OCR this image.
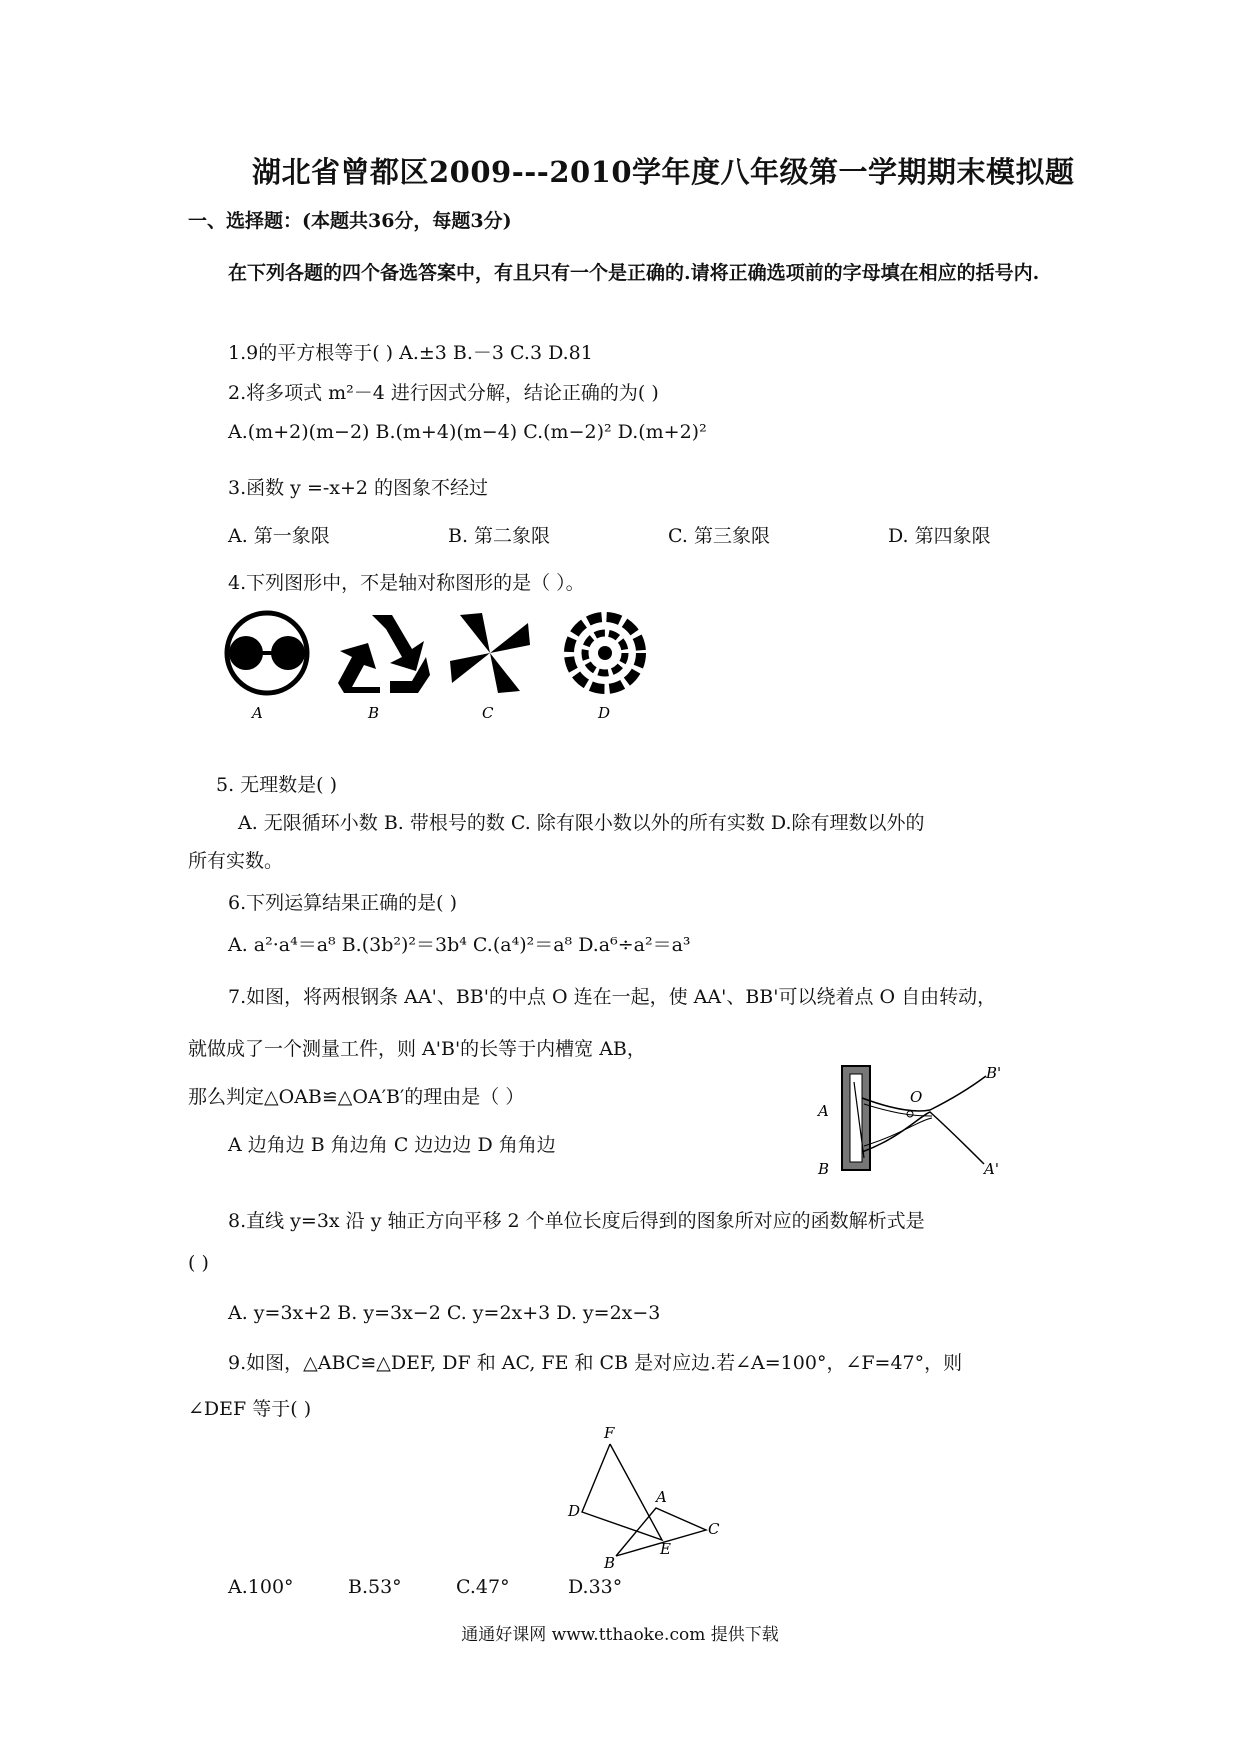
湖北省曾都区2009---2010学年度八年级第一学期期末模拟题
一、选择题：(本题共36分，每题3分)
在下列各题的四个备选答案中，有且只有一个是正确的.请将正确选项前的字母填在相应的括号内.
1.9的平方根等于( ) A.±3 B.－3 C.3 D.81
2.将多项式 m²－4 进行因式分解，结论正确的为( )
A.(m+2)(m−2) B.(m+4)(m−4) C.(m−2)² D.(m+2)²
3.函数 y =-x+2 的图象不经过
A. 第一象限	B. 第二象限	C. 第三象限	D. 第四象限
4.下列图形中，不是轴对称图形的是（ ）。
A	B	C	D
5. 无理数是( )
A. 无限循环小数 B. 带根号的数 C. 除有限小数以外的所有实数 D.除有理数以外的
所有实数。
6.下列运算结果正确的是( )
A. a²·a⁴＝a⁸ B.(3b²)²＝3b⁴ C.(a⁴)²＝a⁸ D.a⁶÷a²＝a³
7.如图，将两根钢条 AA'、BB'的中点 O 连在一起，使 AA'、BB'可以绕着点 O 自由转动，
就做成了一个测量工件，则 A'B'的长等于内槽宽 AB，
那么判定△OAB≌△OA′B′的理由是（ ）
A 边角边 B 角边角 C 边边边 D 角角边
A
B
O
B'
A'
8.直线 y=3x 沿 y 轴正方向平移 2 个单位长度后得到的图象所对应的函数解析式是
( )
A. y=3x+2 B. y=3x−2 C. y=2x+3 D. y=2x−3
9.如图，△ABC≌△DEF, DF 和 AC, FE 和 CB 是对应边.若∠A=100°，∠F=47°，则
∠DEF 等于( )
F
D
A
C
B
E
A.100°	B.53°	C.47°	D.33°
通通好课网 www.tthaoke.com 提供下载
